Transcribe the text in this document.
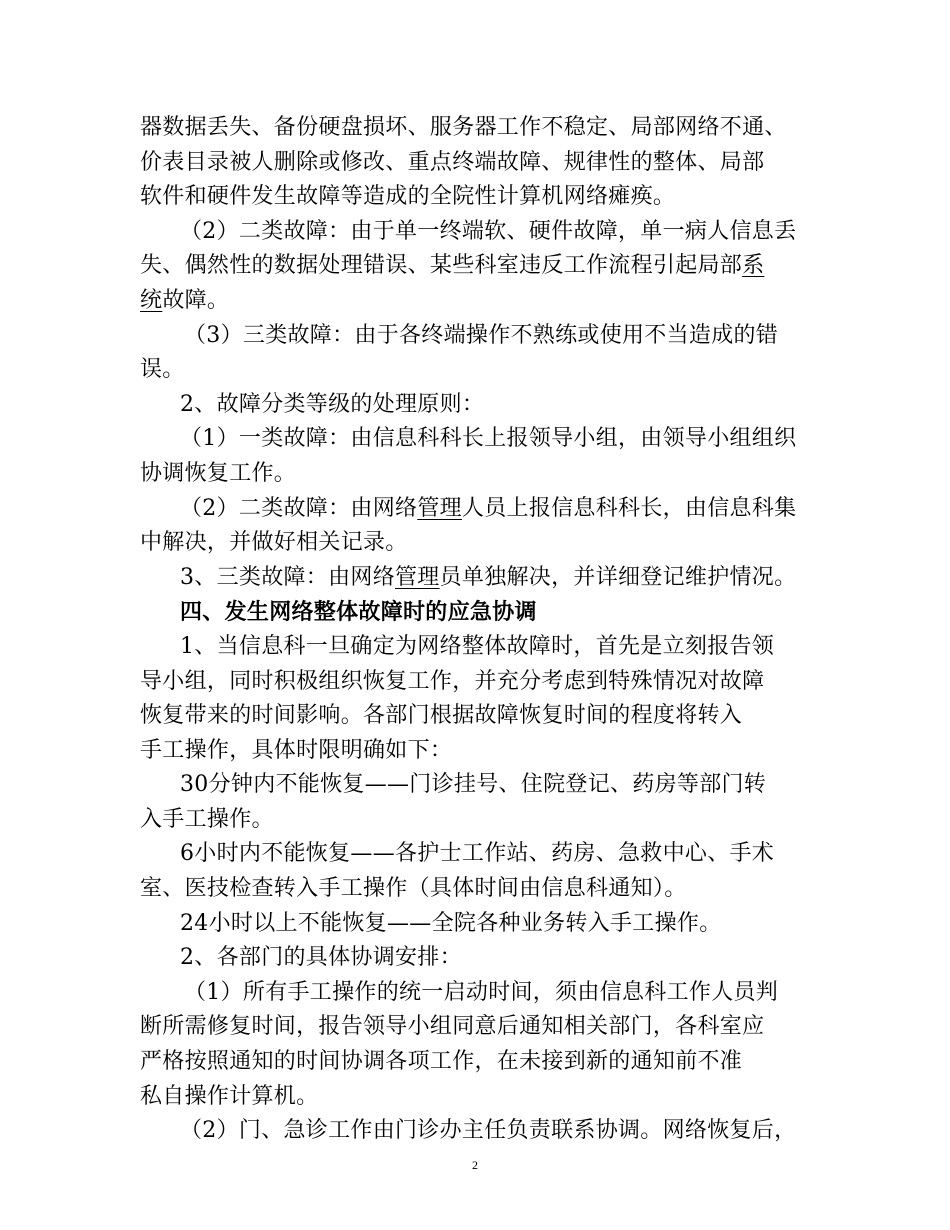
器数据丢失、备份硬盘损坏、服务器工作不稳定、局部网络不通、
价表目录被人删除或修改、重点终端故障、规律性的整体、局部
软件和硬件发生故障等造成的全院性计算机网络瘫痪。
（2）二类故障：由于单一终端软、硬件故障，单一病人信息丢
失、偶然性的数据处理错误、某些科室违反工作流程引起局部系
统故障。
（3）三类故障：由于各终端操作不熟练或使用不当造成的错
误。
2、故障分类等级的处理原则：
（1）一类故障：由信息科科长上报领导小组，由领导小组组织
协调恢复工作。
（2）二类故障：由网络管理人员上报信息科科长，由信息科集
中解决，并做好相关记录。
3、三类故障：由网络管理员单独解决，并详细登记维护情况。
四、发生网络整体故障时的应急协调
1、当信息科一旦确定为网络整体故障时，首先是立刻报告领
导小组，同时积极组织恢复工作，并充分考虑到特殊情况对故障
恢复带来的时间影响。各部门根据故障恢复时间的程度将转入
手工操作，具体时限明确如下：
30分钟内不能恢复——门诊挂号、住院登记、药房等部门转
入手工操作。
6小时内不能恢复——各护士工作站、药房、急救中心、手术
室、医技检查转入手工操作（具体时间由信息科通知）。
24小时以上不能恢复——全院各种业务转入手工操作。
2、各部门的具体协调安排：
（1）所有手工操作的统一启动时间，须由信息科工作人员判
断所需修复时间，报告领导小组同意后通知相关部门，各科室应
严格按照通知的时间协调各项工作，在未接到新的通知前不准
私自操作计算机。
（2）门、急诊工作由门诊办主任负责联系协调。网络恢复后，
2
